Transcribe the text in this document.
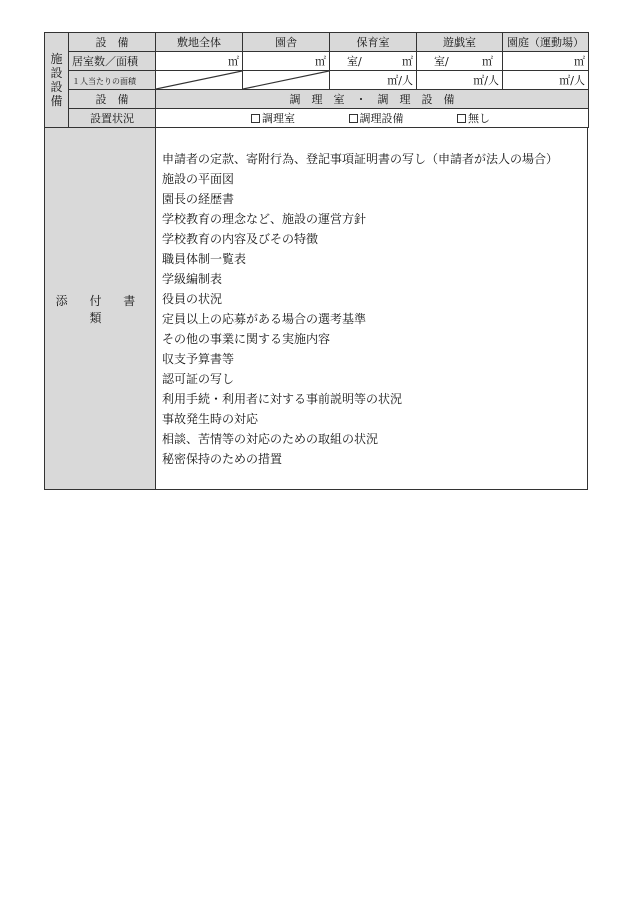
施設設備	設　備	敷地全体	園舎	保育室	遊戯室	園庭（運動場）
	居室数／面積	㎡	㎡	室/ ㎡	室/ ㎡	㎡
	１人当たりの面積			㎡/人	㎡/人	㎡/人
	設　備	調　理　室　・　調　理　設　備				
	設置状況	調理室 調理設備 無し				
添 付 書 類	
申請者の定款、寄附行為、登記事項証明書の写し（申請者が法人の場合）
施設の平面図
園長の経歴書
学校教育の理念など、施設の運営方針
学校教育の内容及びその特徴
職員体制一覧表
学級編制表
役員の状況
定員以上の応募がある場合の選考基準
その他の事業に関する実施内容
収支予算書等
認可証の写し
利用手続・利用者に対する事前説明等の状況
事故発生時の対応
相談、苦情等の対応のための取組の状況
秘密保持のための措置
